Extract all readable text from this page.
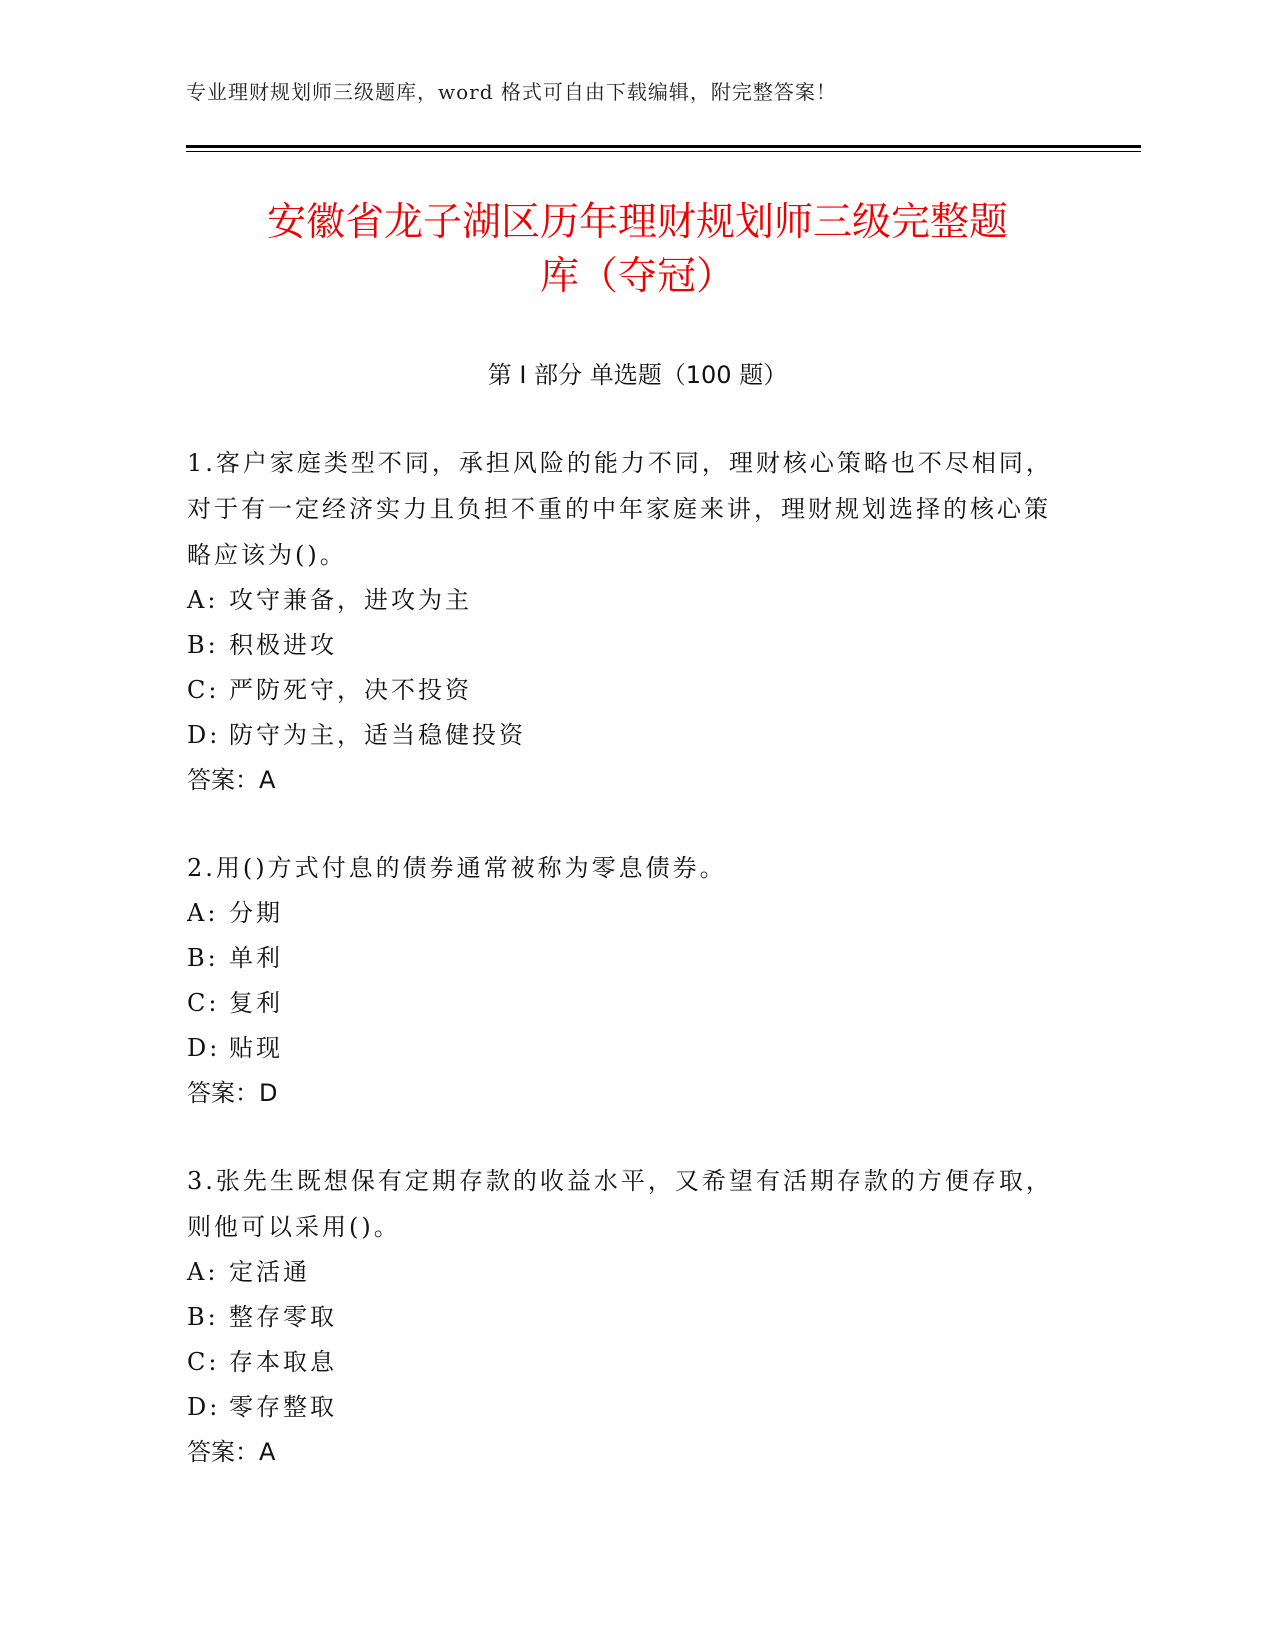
专业理财规划师三级题库，word 格式可自由下载编辑，附完整答案！
安徽省龙子湖区历年理财规划师三级完整题
库（夺冠）
第 I 部分 单选题（100 题）

1.客户家庭类型不同，承担风险的能力不同，理财核心策略也不尽相同，对于有一定经济实力且负担不重的中年家庭来讲，理财规划选择的核心策略应该为()。

A: 攻守兼备，进攻为主

B: 积极进攻

C: 严防死守，决不投资

D: 防守为主，适当稳健投资

答案：A

2.用()方式付息的债券通常被称为零息债券。

A: 分期

B: 单利

C: 复利

D: 贴现

答案：D

3.张先生既想保有定期存款的收益水平，又希望有活期存款的方便存取，则他可以采用()。

A: 定活通

B: 整存零取

C: 存本取息

D: 零存整取

答案：A
